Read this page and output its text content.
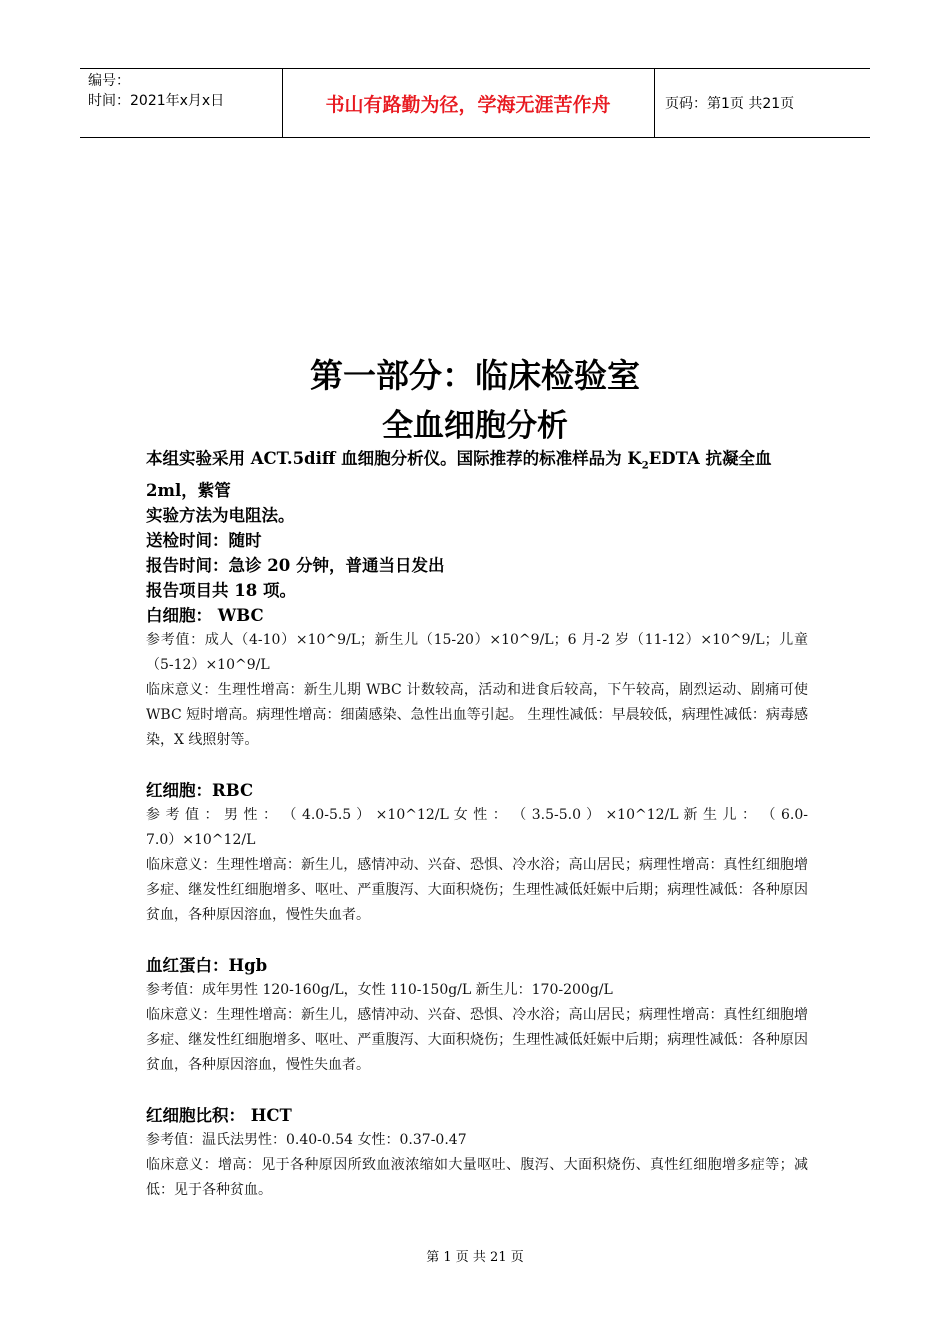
编号：
时间：2021年x月x日	书山有路勤为径，学海无涯苦作舟	页码：第1页 共21页
第一部分：临床检验室
全血细胞分析

本组实验采用 ACT.5diff 血细胞分析仪。国际推荐的标准样品为 $K_2EDTA$ 抗凝全血 2ml，紫管

实验方法为电阻法。

送检时间：随时

报告时间：急诊 20 分钟，普通当日发出

报告项目共 18 项。

白细胞： WBC

参考值：成人（4-10）×10^9/L；新生儿（15-20）×10^9/L；6 月-2 岁（11-12）×10^9/L；儿童（5-12）×10^9/L

临床意义：生理性增高：新生儿期 WBC 计数较高，活动和进食后较高，下午较高，剧烈运动、剧痛可使 WBC 短时增高。病理性增高：细菌感染、急性出血等引起。 生理性减低：早晨较低，病理性减低：病毒感染，X 线照射等。

红细胞：RBC

参 考 值 ： 男 性 ： （ 4.0-5.5 ） ×10^12/L 女 性 ： （ 3.5-5.0 ） ×10^12/L 新 生 儿 ： （ 6.0-7.0）×10^12/L

临床意义：生理性增高：新生儿，感情冲动、兴奋、恐惧、冷水浴；高山居民；病理性增高：真性红细胞增多症、继发性红细胞增多、呕吐、严重腹泻、大面积烧伤；生理性减低妊娠中后期；病理性减低：各种原因贫血，各种原因溶血，慢性失血者。

血红蛋白：Hgb

参考值：成年男性 120-160g/L，女性 110-150g/L 新生儿：170-200g/L

临床意义：生理性增高：新生儿，感情冲动、兴奋、恐惧、冷水浴；高山居民；病理性增高：真性红细胞增多症、继发性红细胞增多、呕吐、严重腹泻、大面积烧伤；生理性减低妊娠中后期；病理性减低：各种原因贫血，各种原因溶血，慢性失血者。

红细胞比积： HCT

参考值：温氏法男性：0.40-0.54 女性：0.37-0.47

临床意义：增高：见于各种原因所致血液浓缩如大量呕吐、腹泻、大面积烧伤、真性红细胞增多症等；减低：见于各种贫血。

第 1 页 共 21 页
